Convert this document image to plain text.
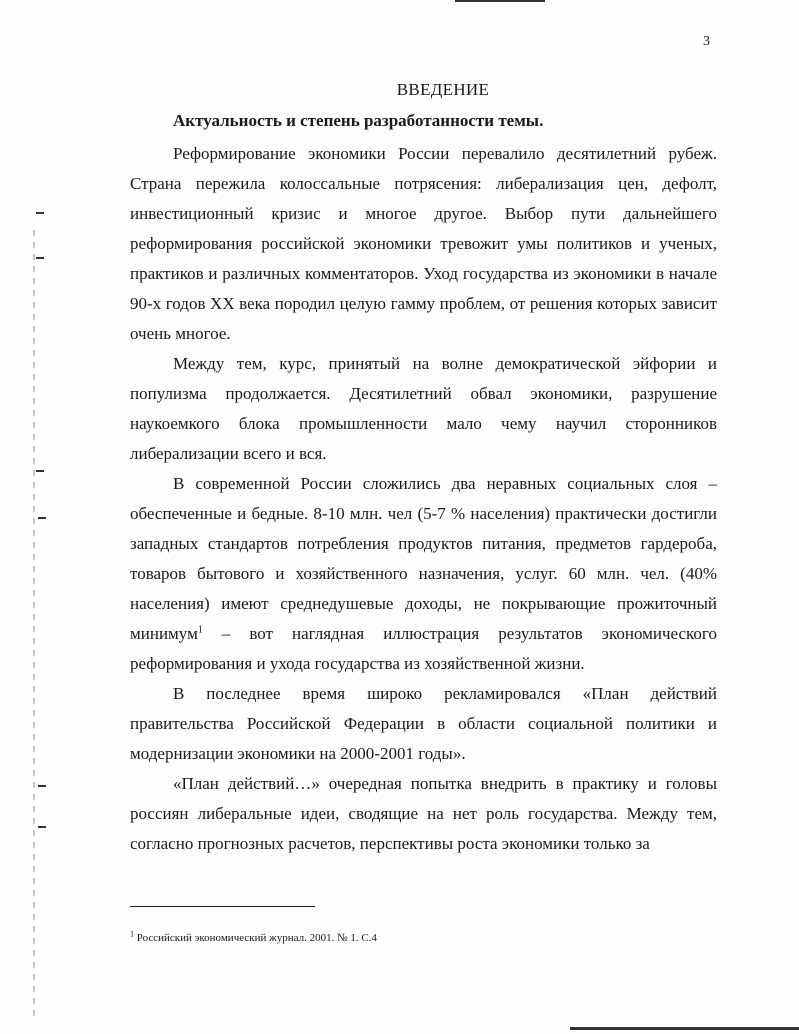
3
ВВЕДЕНИЕ
Актуальность и степень разработанности темы.

Реформирование экономики России перевалило десятилетний рубеж. Страна пережила колоссальные потрясения: либерализация цен, дефолт, инвестиционный кризис и многое другое. Выбор пути дальнейшего реформирования российской экономики тревожит умы политиков и ученых, практиков и различных комментаторов. Уход государства из экономики в начале 90-х годов XX века породил целую гамму проблем, от решения которых зависит очень многое.

Между тем, курс, принятый на волне демократической эйфории и популизма продолжается. Десятилетний обвал экономики, разрушение наукоемкого блока промышленности мало чему научил сторонников либерализации всего и вся.

В современной России сложились два неравных социальных слоя – обеспеченные и бедные. 8-10 млн. чел (5-7 % населения) практически достигли западных стандартов потребления продуктов питания, предметов гардероба, товаров бытового и хозяйственного назначения, услуг. 60 млн. чел. (40% населения) имеют среднедушевые доходы, не покрывающие прожиточный минимум$^1$ – вот наглядная иллюстрация результатов экономического реформирования и ухода государства из хозяйственной жизни.

В последнее время широко рекламировался «План действий правительства Российской Федерации в области социальной политики и модернизации экономики на 2000-2001 годы».

«План действий…» очередная попытка внедрить в практику и головы россиян либеральные идеи, сводящие на нет роль государства. Между тем, согласно прогнозных расчетов, перспективы роста экономики только за

$^1$ Российский экономический журнал. 2001. № 1. С.4
